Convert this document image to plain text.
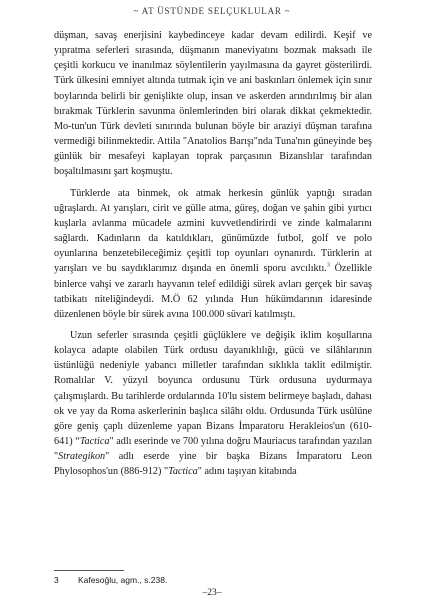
~ AT ÜSTÜNDE SELÇUKLULAR ~

düşman, savaş enerjisini kaybedinceye kadar devam edilirdi. Keşif ve yıpratma seferleri sırasında, düşmanın maneviyatını bozmak maksadı ile çeşitli korkucu ve inanılmaz söylentilerin yayılmasına da gayret gösterilirdi. Türk ülkesini emniyet altında tutmak için ve ani baskınları önlemek için sınır boylarında belirli bir genişlikte olup, insan ve askerden arındırılmış bir alan bırakmak Türklerin savunma önlemlerinden biri olarak dikkat çekmektedir. Mo-tun'un Türk devleti sınırında bulunan böyle bir araziyi düşman tarafına vermediği bilinmektedir. Attila "Anatolios Barışı"nda Tuna'nın güneyinde beş günlük bir mesafeyi kaplayan toprak parçasının Bizanslılar tarafından boşaltılmasını şart koşmuştu.

Türklerde ata binmek, ok atmak herkesin günlük yaptığı sıradan uğraşlardı. At yarışları, cirit ve gülle atma, güreş, doğan ve şahin gibi yırtıcı kuşlarla avlanma mücadele azmini kuvvetlendirirdi ve zinde kalmalarını sağlardı. Kadınların da katıldıkları, günümüzde futbol, golf ve polo oyunlarına benzetebileceğimiz çeşitli top oyunları oynanırdı. Türklerin at yarışları ve bu saydıklarımız dışında en önemli sporu avcılıktı.$^3$ Özellikle binlerce vahşi ve zararlı hayvanın telef edildiği sürek avları gerçek bir savaş tatbikatı niteliğindeydi. M.Ö 62 yılında Hun hükümdarının idaresinde düzenlenen böyle bir sürek avına 100.000 süvari katılmıştı.

Uzun seferler sırasında çeşitli güçlüklere ve değişik iklim koşullarına kolayca adapte olabilen Türk ordusu dayanıklılığı, gücü ve silâhlarının üstünlüğü nedeniyle yabancı milletler tarafından sıklıkla taklit edilmiştir. Romalılar V. yüzyıl boyunca ordusunu Türk ordusuna uydurmaya çalışmışlardı. Bu tarihlerde ordularında 10'lu sistem belirmeye başladı, dahası ok ve yay da Roma askerlerinin başlıca silâhı oldu. Ordusunda Türk usûlüne göre geniş çaplı düzenleme yapan Bizans İmparatoru Herakleios'un (610-641) “Tactica" adlı eserinde ve 700 yılına doğru Mauriacus tarafından yazılan "Strategikon" adlı eserde yine bir başka Bizans İmparatoru Leon Phylosophos'un (886-912) "Tactica" adını taşıyan kitabında

3 Kafesoğlu, agm., s.238.
–23–
